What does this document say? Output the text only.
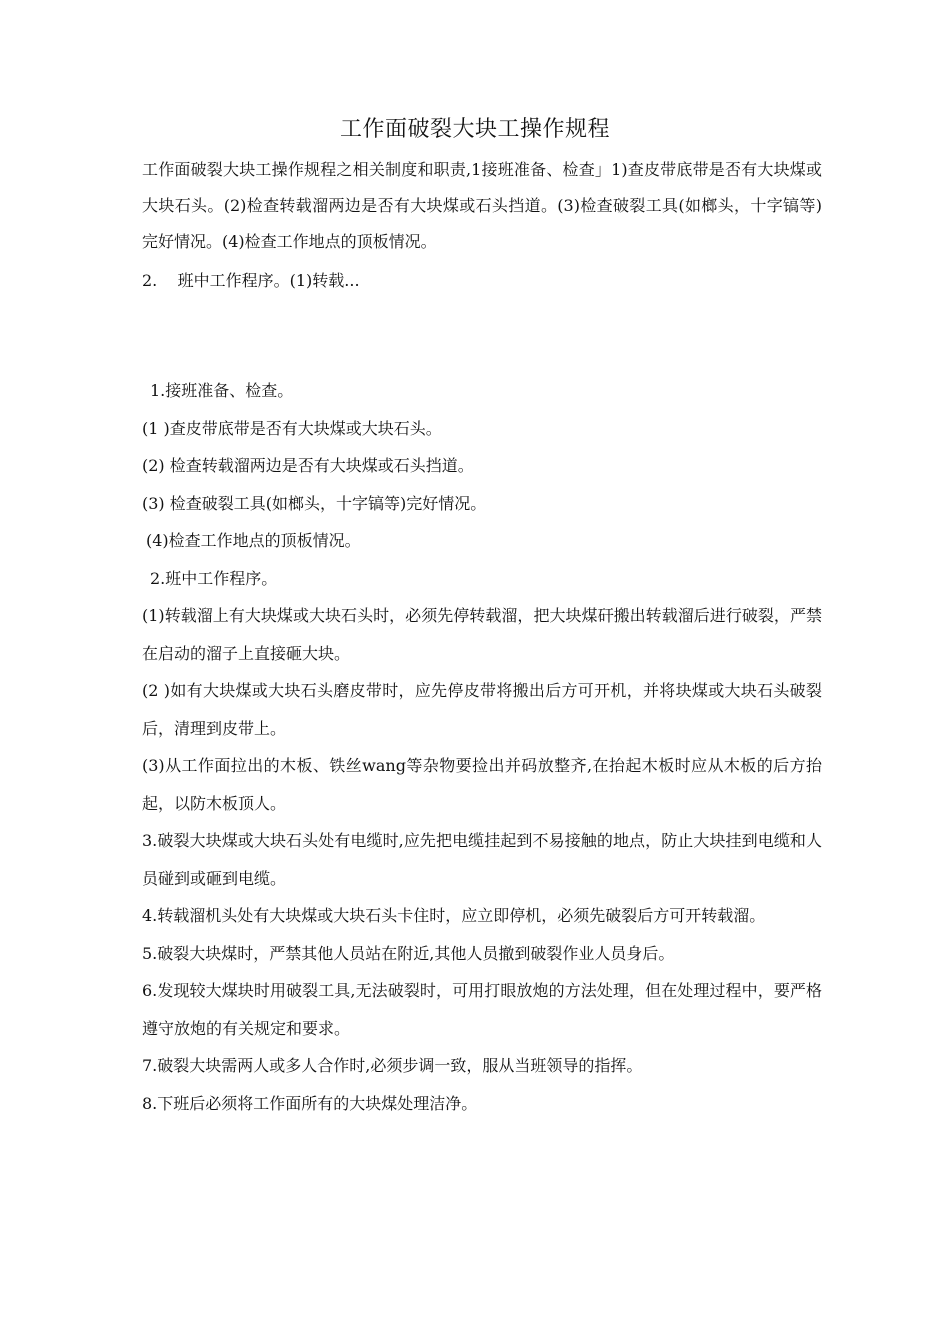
工作面破裂大块工操作规程
工作面破裂大块工操作规程之相关制度和职责,1接班准备、检查」1)查皮带底带是否有大块煤或大块石头。(2)检查转载溜两边是否有大块煤或石头挡道。(3)检查破裂工具(如榔头，十字镐等)完好情况。(4)检查工作地点的顶板情况。
2.    班中工作程序。(1)转载...

1.接班准备、检查。

(1 )查皮带底带是否有大块煤或大块石头。

(2) 检查转载溜两边是否有大块煤或石头挡道。

(3) 检查破裂工具(如榔头，十字镐等)完好情况。

(4)检查工作地点的顶板情况。

2.班中工作程序。

(1)转载溜上有大块煤或大块石头时，必须先停转载溜，把大块煤矸搬出转载溜后进行破裂，严禁在启动的溜子上直接砸大块。

(2 )如有大块煤或大块石头磨皮带时，应先停皮带将搬出后方可开机，并将块煤或大块石头破裂后，清理到皮带上。

(3)从工作面拉出的木板、铁丝wang等杂物要捡出并码放整齐,在抬起木板时应从木板的后方抬起，以防木板顶人。

3.破裂大块煤或大块石头处有电缆时,应先把电缆挂起到不易接触的地点，防止大块挂到电缆和人员碰到或砸到电缆。

4.转载溜机头处有大块煤或大块石头卡住时，应立即停机，必须先破裂后方可开转载溜。

5.破裂大块煤时，严禁其他人员站在附近,其他人员撤到破裂作业人员身后。

6.发现较大煤块时用破裂工具,无法破裂时，可用打眼放炮的方法处理，但在处理过程中，要严格遵守放炮的有关规定和要求。

7.破裂大块需两人或多人合作时,必须步调一致，服从当班领导的指挥。

8.下班后必须将工作面所有的大块煤处理洁净。
